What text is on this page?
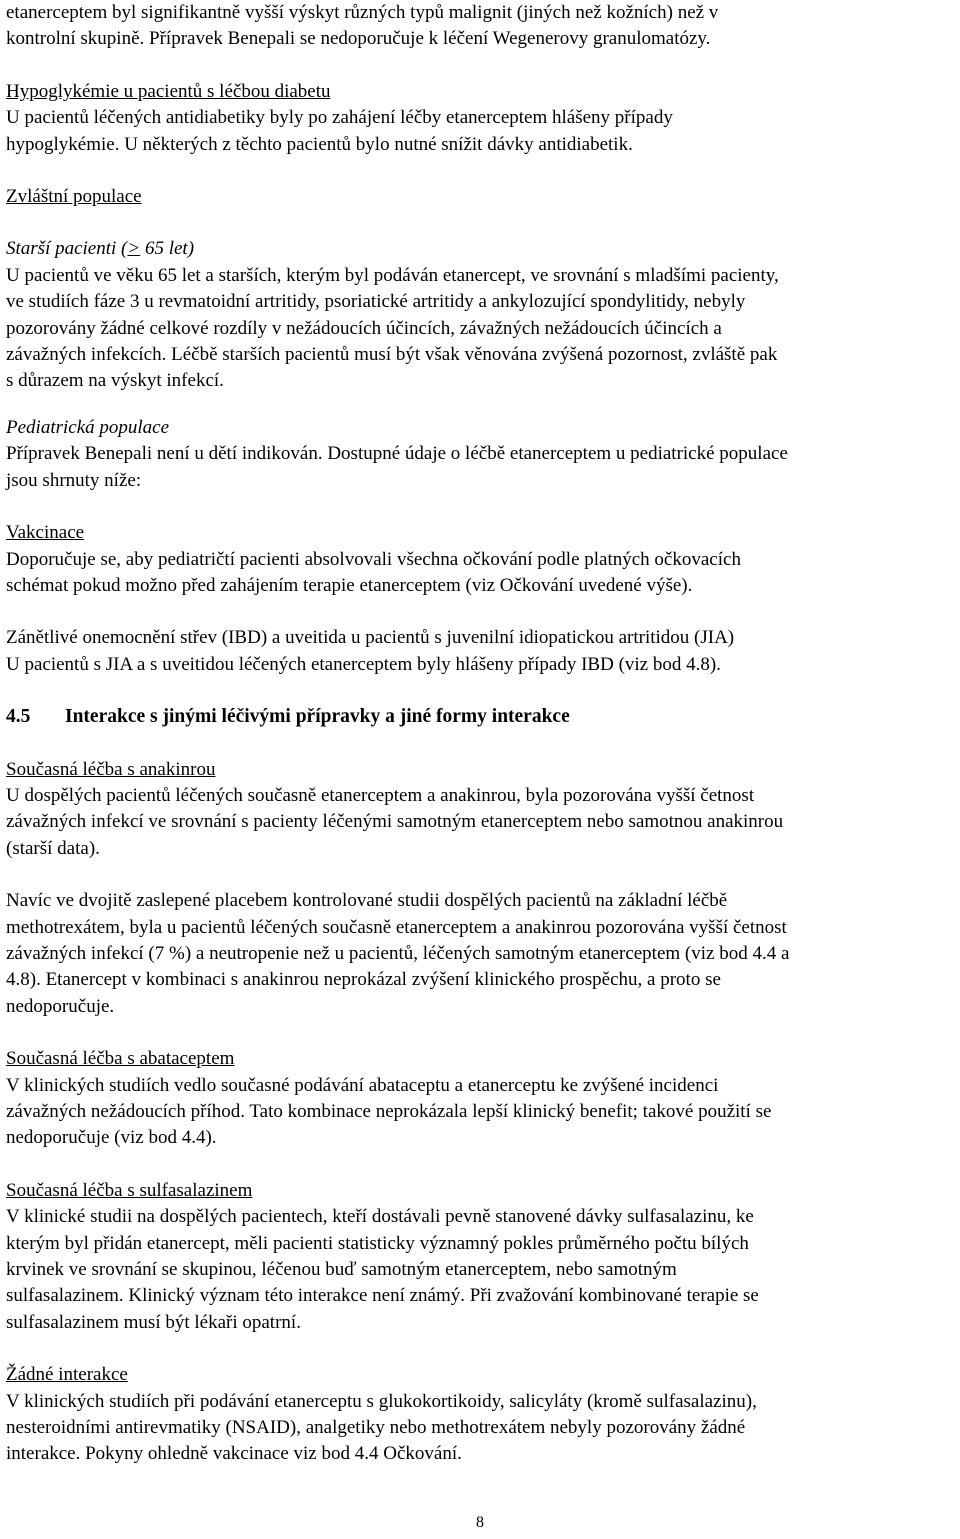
etanerceptem byl signifikantně vyšší výskyt různých typů malignit (jiných než kožních) než v
kontrolní skupině. Přípravek Benepali se nedoporučuje k léčení Wegenerovy granulomatózy.
Hypoglykémie u pacientů s léčbou diabetu
U pacientů léčených antidiabetiky byly po zahájení léčby etanerceptem hlášeny případy
hypoglykémie. U některých z těchto pacientů bylo nutné snížit dávky antidiabetik.
Zvláštní populace
Starší pacienti (> 65 let)
U pacientů ve věku 65 let a starších, kterým byl podáván etanercept, ve srovnání s mladšími pacienty,
ve studiích fáze 3 u revmatoidní artritidy, psoriatické artritidy a ankylozující spondylitidy, nebyly
pozorovány žádné celkové rozdíly v nežádoucích účincích, závažných nežádoucích účincích a
závažných infekcích. Léčbě starších pacientů musí být však věnována zvýšená pozornost, zvláště pak
s důrazem na výskyt infekcí.
Pediatrická populace
Přípravek Benepali není u dětí indikován. Dostupné údaje o léčbě etanerceptem u pediatrické populace
jsou shrnuty níže:
Vakcinace
Doporučuje se, aby pediatričtí pacienti absolvovali všechna očkování podle platných očkovacích
schémat pokud možno před zahájením terapie etanerceptem (viz Očkování uvedené výše).
Zánětlivé onemocnění střev (IBD) a uveitida u pacientů s juvenilní idiopatickou artritidou (JIA)
U pacientů s JIA a s uveitidou léčených etanerceptem byly hlášeny případy IBD (viz bod 4.8).
4.5	Interakce s jinými léčivými přípravky a jiné formy interakce
Současná léčba s anakinrou
U dospělých pacientů léčených současně etanerceptem a anakinrou, byla pozorována vyšší četnost
závažných infekcí ve srovnání s pacienty léčenými samotným etanerceptem nebo samotnou anakinrou
(starší data).
Navíc ve dvojitě zaslepené placebem kontrolované studii dospělých pacientů na základní léčbě
methotrexátem, byla u pacientů léčených současně etanerceptem a anakinrou pozorována vyšší četnost
závažných infekcí (7 %) a neutropenie než u pacientů, léčených samotným etanerceptem (viz bod 4.4 a
4.8). Etanercept v kombinaci s anakinrou neprokázal zvýšení klinického prospěchu, a proto se
nedoporučuje.
Současná léčba s abataceptem
V klinických studiích vedlo současné podávání abataceptu a etanerceptu ke zvýšené incidenci
závažných nežádoucích příhod. Tato kombinace neprokázala lepší klinický benefit; takové použití se
nedoporučuje (viz bod 4.4).
Současná léčba s sulfasalazinem
V klinické studii na dospělých pacientech, kteří dostávali pevně stanovené dávky sulfasalazinu, ke
kterým byl přidán etanercept, měli pacienti statisticky významný pokles průměrného počtu bílých
krvinek ve srovnání se skupinou, léčenou buď samotným etanerceptem, nebo samotným
sulfasalazinem. Klinický význam této interakce není známý. Při zvažování kombinované terapie se
sulfasalazinem musí být lékaři opatrní.
Žádné interakce
V klinických studiích při podávání etanerceptu s glukokortikoidy, salicyláty (kromě sulfasalazinu),
nesteroidními antirevmatiky (NSAID), analgetiky nebo methotrexátem nebyly pozorovány žádné
interakce. Pokyny ohledně vakcinace viz bod 4.4 Očkování.
8
